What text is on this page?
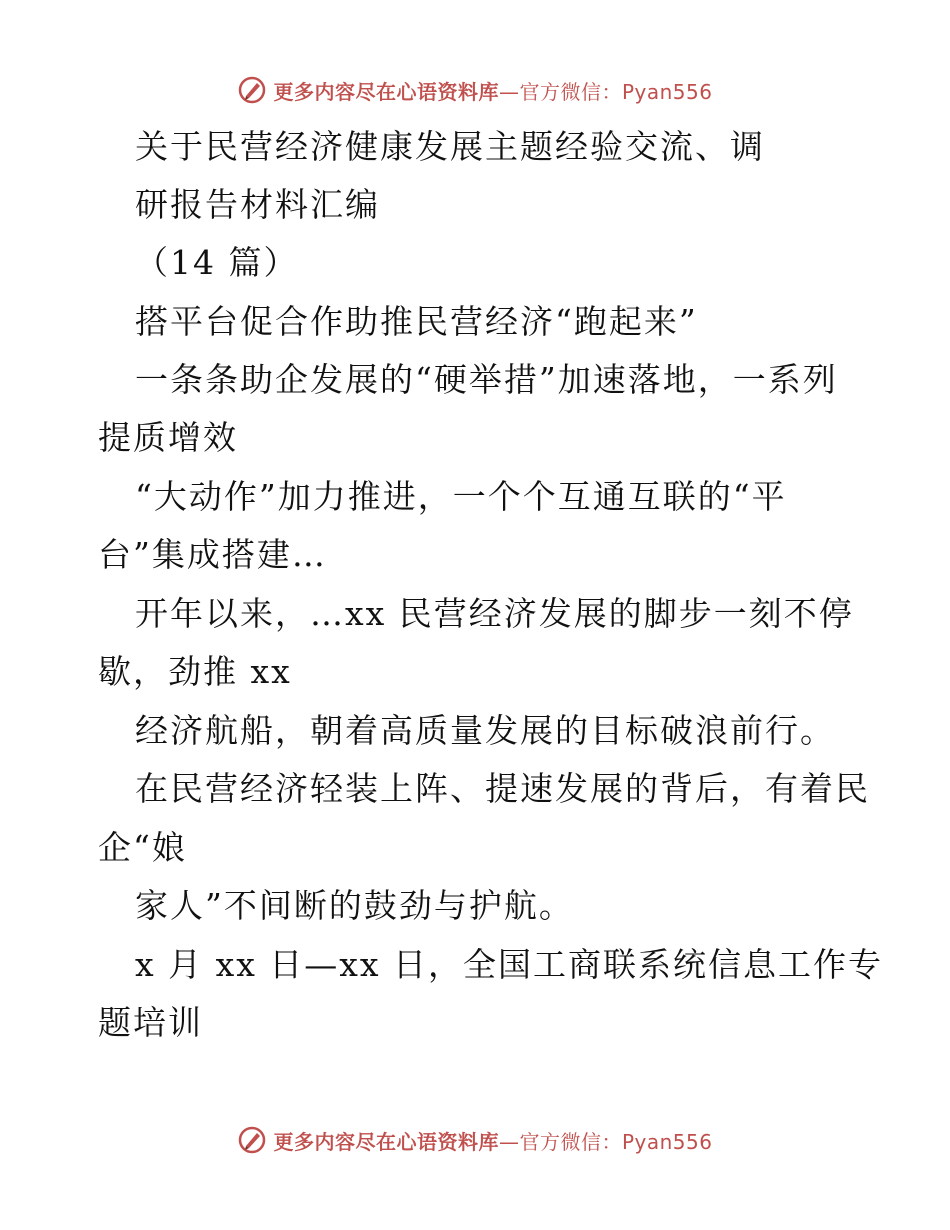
更多内容尽在心语资料库—官方微信：Pyan556
关于民营经济健康发展主题经验交流、调
研报告材料汇编
（14 篇）
搭平台促合作助推民营经济“跑起来”
一条条助企发展的“硬举措”加速落地，一系列
提质增效
“大动作”加力推进，一个个互通互联的“平
台”集成搭建…
开年以来，…xx 民营经济发展的脚步一刻不停
歇，劲推 xx
经济航船，朝着高质量发展的目标破浪前行。
在民营经济轻装上阵、提速发展的背后，有着民
企“娘
家人”不间断的鼓劲与护航。
x 月 xx 日—xx 日，全国工商联系统信息工作专
题培训
更多内容尽在心语资料库—官方微信：Pyan556
